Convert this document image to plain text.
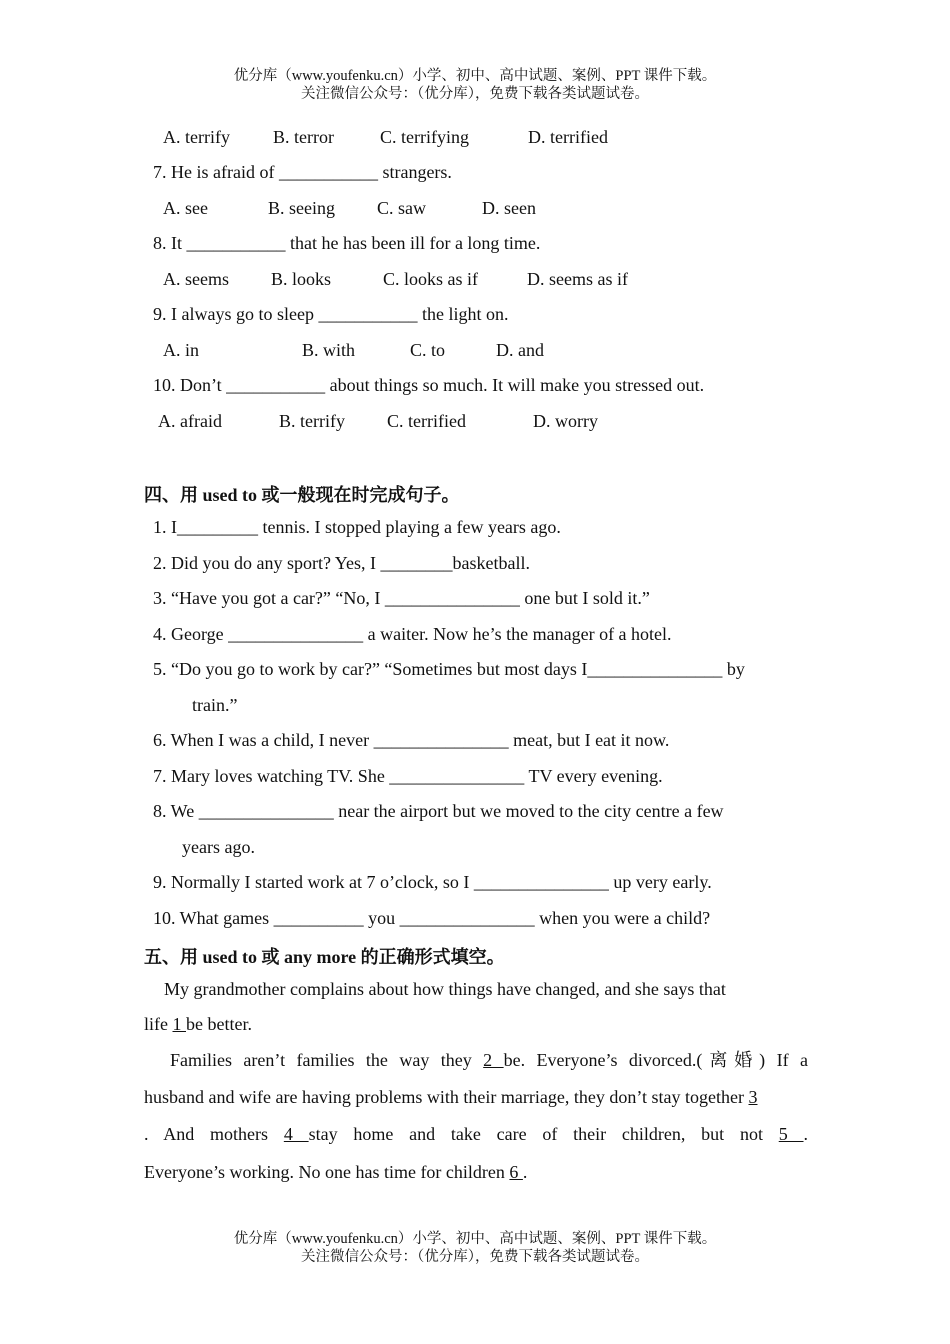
优分库（www.youfenku.cn）小学、初中、高中试题、案例、PPT 课件下载。
关注微信公众号：（优分库），免费下载各类试题试卷。
A. terrify B. terror	C. terrifying	D. terrified
7. He is afraid of ___________ strangers.
A. see	B. seeing C. saw	D. seen
8. It ___________ that he has been ill for a long time.
A. seems B. looks	C. looks as if	D. seems as if
9. I always go to sleep ___________ the light on.
A. in	B. with	C. to	D. and
10. Don’t ___________ about things so much. It will make you stressed out.
A. afraid	B. terrify C. terrified	D. worry
四、用 used to 或一般现在时完成句子。
1. I_________ tennis. I stopped playing a few years ago.
2. Did you do any sport? Yes, I ________basketball.
3. “Have you got a car?” “No, I _______________ one but I sold it.”
4. George _______________ a waiter. Now he’s the manager of a hotel.
5. “Do you go to work by car?” “Sometimes but most days I_______________ by
train.”
6. When I was a child, I never _______________ meat, but I eat it now.
7. Mary loves watching TV. She _______________ TV every evening.
8. We _______________ near the airport but we moved to the city centre a few
years ago.
9. Normally I started work at 7 o’clock, so I _______________ up very early.
10. What games __________ you _______________ when you were a child?
五、用 used to 或 any more 的正确形式填空。
My grandmother complains about how things have changed, and she says that
life 1 be better.
Families aren’t families the way they 2 be. Everyone’s divorced.(离婚) If a
husband and wife are having problems with their marriage, they don’t stay together 3
. And mothers 4 stay home and take care of their children, but not 5 .
Everyone’s working. No one has time for children 6 .
优分库（www.youfenku.cn）小学、初中、高中试题、案例、PPT 课件下载。
关注微信公众号：（优分库），免费下载各类试题试卷。
